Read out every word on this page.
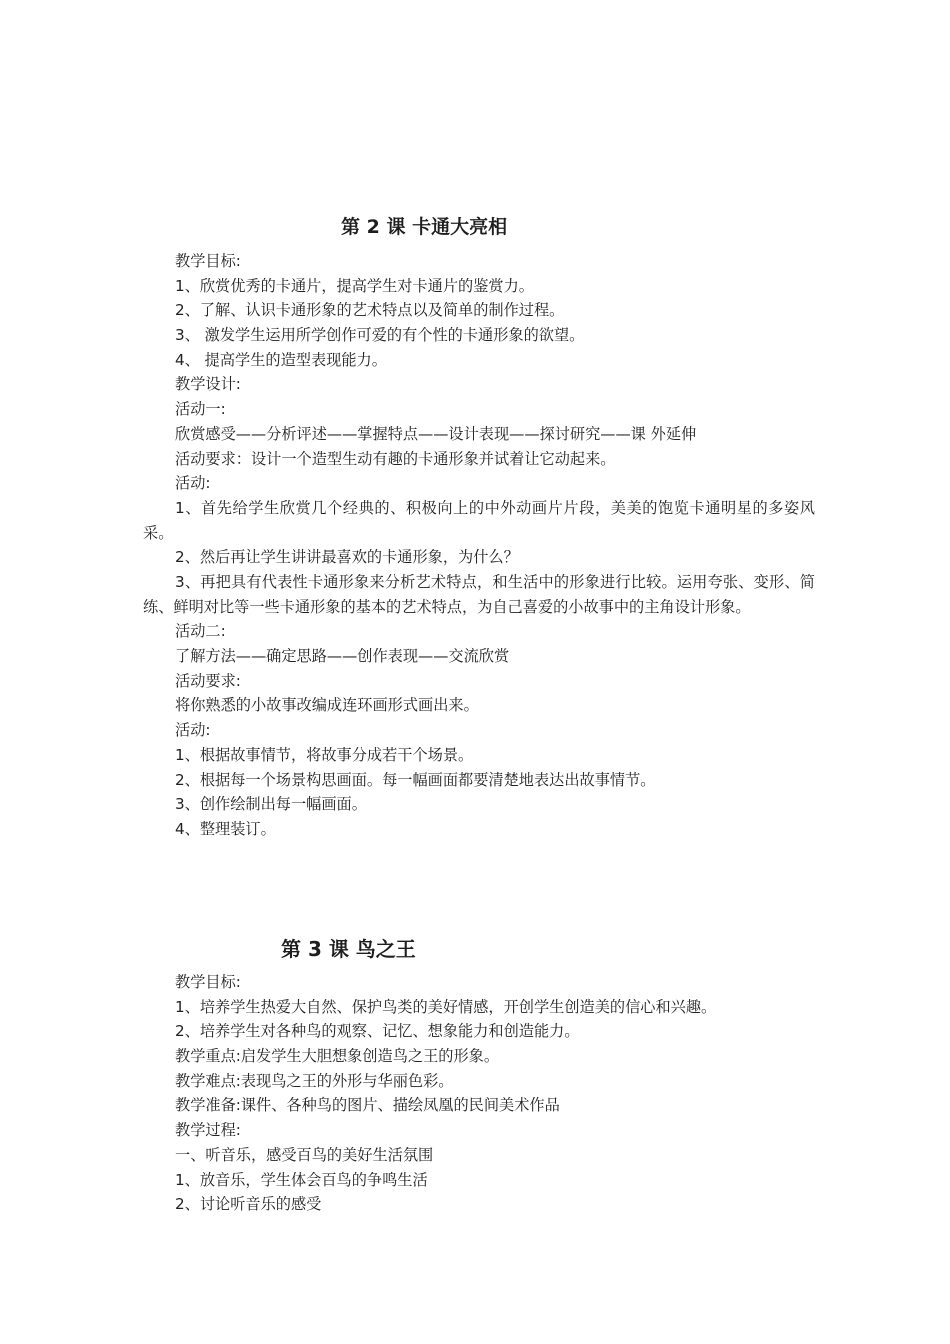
第 2 课 卡通大亮相
教学目标:
1、欣赏优秀的卡通片，提高学生对卡通片的鉴赏力。
2、了解、认识卡通形象的艺术特点以及简单的制作过程。
3、 激发学生运用所学创作可爱的有个性的卡通形象的欲望。
4、 提高学生的造型表现能力。
教学设计:
活动一:
欣赏感受——分析评述——掌握特点——设计表现——探讨研究——课 外延伸
活动要求：设计一个造型生动有趣的卡通形象并试着让它动起来。
活动:
1、首先给学生欣赏几个经典的、积极向上的中外动画片片段，美美的饱览卡通明星的多姿风采。
2、然后再让学生讲讲最喜欢的卡通形象，为什么？
3、再把具有代表性卡通形象来分析艺术特点，和生活中的形象进行比较。运用夸张、变形、简练、鲜明对比等一些卡通形象的基本的艺术特点，为自己喜爱的小故事中的主角设计形象。
活动二:
了解方法——确定思路——创作表现——交流欣赏
活动要求:
将你熟悉的小故事改编成连环画形式画出来。
活动:
1、根据故事情节，将故事分成若干个场景。
2、根据每一个场景构思画面。每一幅画面都要清楚地表达出故事情节。
3、创作绘制出每一幅画面。
4、整理装订。
第 3 课 鸟之王
教学目标:
1、培养学生热爱大自然、保护鸟类的美好情感，开创学生创造美的信心和兴趣。
2、培养学生对各种鸟的观察、记忆、想象能力和创造能力。
教学重点:启发学生大胆想象创造鸟之王的形象。
教学难点:表现鸟之王的外形与华丽色彩。
教学准备:课件、各种鸟的图片、描绘凤凰的民间美术作品
教学过程:
一、听音乐，感受百鸟的美好生活氛围
1、放音乐，学生体会百鸟的争鸣生活
2、讨论听音乐的感受
